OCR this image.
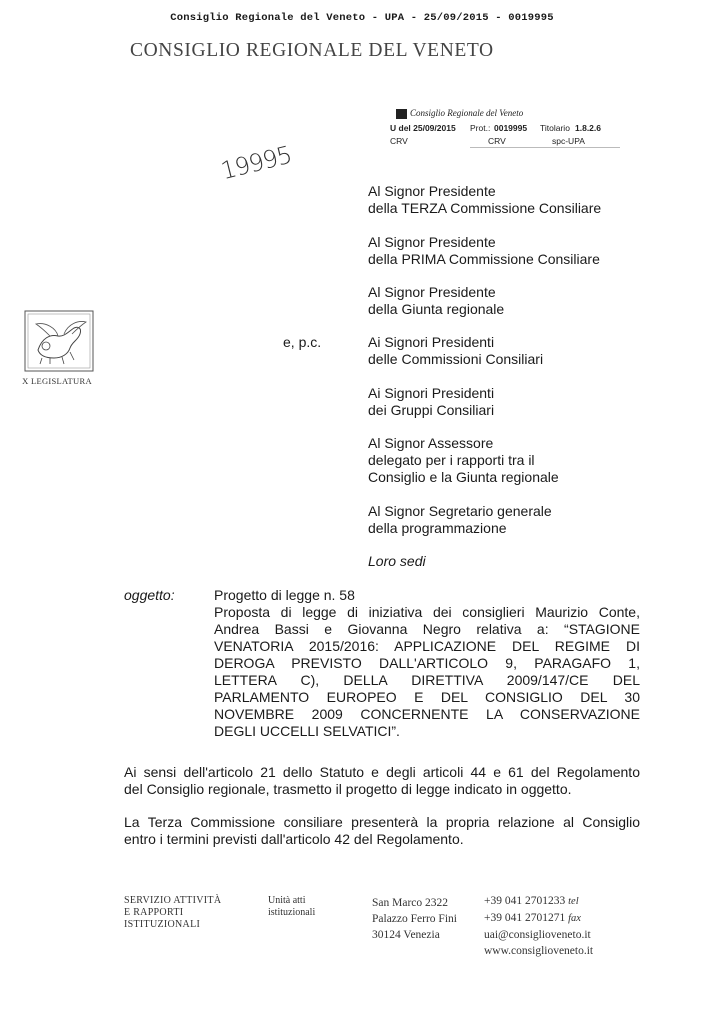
Consiglio Regionale del Veneto - UPA - 25/09/2015 - 0019995
CONSIGLIO REGIONALE DEL VENETO
Consiglio Regionale del Veneto
U del 25/09/2015 Prot.: 0019995 Titolario 1.8.2.6
CRV	CRV	spc-UPA
19995
X LEGISLATURA
Al Signor Presidente
della TERZA Commissione Consiliare
Al Signor Presidente
della PRIMA Commissione Consiliare
Al Signor Presidente
della Giunta regionale
e, p.c.	Ai Signori Presidenti
delle Commissioni Consiliari
Ai Signori Presidenti
dei Gruppi Consiliari
Al Signor Assessore
delegato per i rapporti tra il
Consiglio e la Giunta regionale
Al Signor Segretario generale
della programmazione
Loro sedi
oggetto:	Progetto di legge n. 58
Proposta di legge di iniziativa dei consiglieri Maurizio Conte,
Andrea Bassi e Giovanna Negro relativa a: “STAGIONE
VENATORIA 2015/2016: APPLICAZIONE DEL REGIME DI
DEROGA PREVISTO DALL'ARTICOLO 9, PARAGAFO 1,
LETTERA C), DELLA DIRETTIVA 2009/147/CE DEL
PARLAMENTO EUROPEO E DEL CONSIGLIO DEL 30
NOVEMBRE 2009 CONCERNENTE LA CONSERVAZIONE
DEGLI UCCELLI SELVATICI”.
Ai sensi dell'articolo 21 dello Statuto e degli articoli 44 e 61 del Regolamento
del Consiglio regionale, trasmetto il progetto di legge indicato in oggetto.
La Terza Commissione consiliare presenterà la propria relazione al Consiglio
entro i termini previsti dall'articolo 42 del Regolamento.
SERVIZIO ATTIVITÀ
E RAPPORTI
ISTITUZIONALI
Unità atti
istituzionali
San Marco 2322
Palazzo Ferro Fini
30124 Venezia
+39 041 2701233 tel
+39 041 2701271 fax
uai@consiglioveneto.it
www.consiglioveneto.it
